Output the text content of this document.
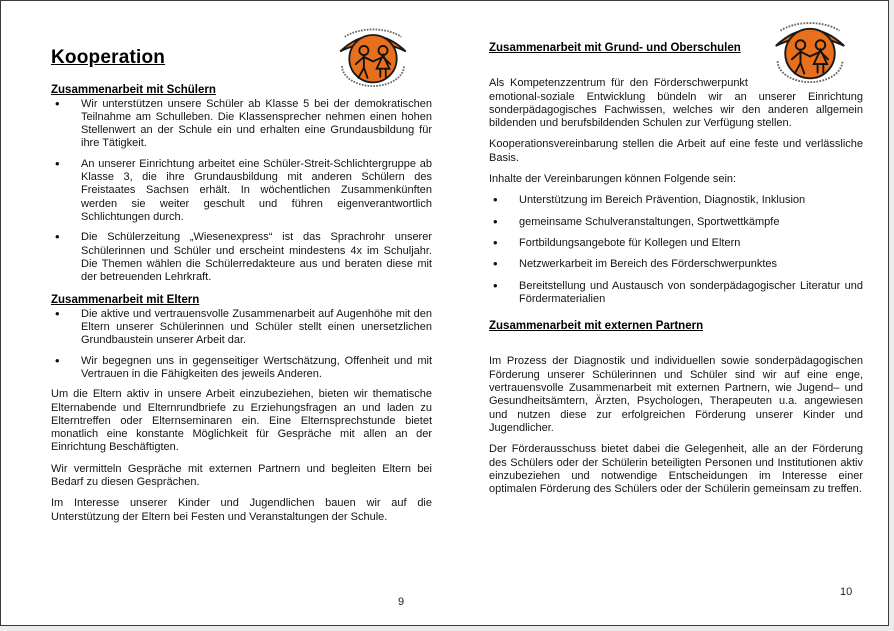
Kooperation
Zusammenarbeit mit Schülern
• Wir unterstützen unsere Schüler ab Klasse 5 bei der demokratischen Teilnahme am Schulleben. Die Klassensprecher nehmen einen hohen Stellenwert an der Schule ein und erhalten eine Grundausbildung für ihre Tätigkeit.
• An unserer Einrichtung arbeitet eine Schüler-Streit-Schlichtergruppe ab Klasse 3, die ihre Grundausbildung mit anderen Schülern des Freistaates Sachsen erhält. In wöchentlichen Zusammenkünften werden sie weiter geschult und führen eigenverantwortlich Schlichtungen durch.
• Die Schülerzeitung „Wiesenexpress“ ist das Sprachrohr unserer Schülerinnen und Schüler und erscheint mindestens 4x im Schuljahr. Die Themen wählen die Schülerredakteure aus und beraten diese mit der betreuenden Lehrkraft.
Zusammenarbeit mit Eltern
• Die aktive und vertrauensvolle Zusammenarbeit auf Augenhöhe mit den Eltern unserer Schülerinnen und Schüler stellt einen unersetzlichen Grundbaustein unserer Arbeit dar.
• Wir begegnen uns in gegenseitiger Wertschätzung, Offenheit und mit Vertrauen in die Fähigkeiten des jeweils Anderen.

Um die Eltern aktiv in unsere Arbeit einzubeziehen, bieten wir thematische Elternabende und Elternrundbriefe zu Erziehungsfragen an und laden zu Elterntreffen oder Elternseminaren ein. Eine Elternsprechstunde bietet monatlich eine konstante Möglichkeit für Gespräche mit allen an der Einrichtung Beschäftigten.

Wir vermitteln Gespräche mit externen Partnern und begleiten Eltern bei Bedarf zu diesen Gesprächen.

Im Interesse unserer Kinder und Jugendlichen bauen wir auf die Unterstützung der Eltern bei Festen und Veranstaltungen der Schule.

Zusammenarbeit mit Grund- und Oberschulen

Als Kompetenzzentrum für den Förderschwerpunkt emotional-soziale Entwicklung bündeln wir an unserer Einrichtung sonderpädagogisches Fachwissen, welches wir den anderen allgemein bildenden und berufsbildenden Schulen zur Verfügung stellen.

Kooperationsvereinbarung stellen die Arbeit auf eine feste und verlässliche Basis.

Inhalte der Vereinbarungen können Folgende sein:

• Unterstützung im Bereich Prävention, Diagnostik, Inklusion
• gemeinsame Schulveranstaltungen, Sportwettkämpfe
• Fortbildungsangebote für Kollegen und Eltern
• Netzwerkarbeit im Bereich des Förderschwerpunktes
• Bereitstellung und Austausch von sonderpädagogischer Literatur und Fördermaterialien
Zusammenarbeit mit externen Partnern

Im Prozess der Diagnostik und individuellen sowie sonderpädagogischen Förderung unserer Schülerinnen und Schüler sind wir auf eine enge, vertrauensvolle Zusammenarbeit mit externen Partnern, wie Jugend– und Gesundheitsämtern, Ärzten, Psychologen, Therapeuten u.a. angewiesen und nutzen diese zur erfolgreichen Förderung unserer Kinder und Jugendlicher.

Der Förderausschuss bietet dabei die Gelegenheit, alle an der Förderung des Schülers oder der Schülerin beteiligten Personen und Institutionen aktiv einzubeziehen und notwendige Entscheidungen im Interesse einer optimalen Förderung des Schülers oder der Schülerin gemeinsam zu treffen.

9
10
